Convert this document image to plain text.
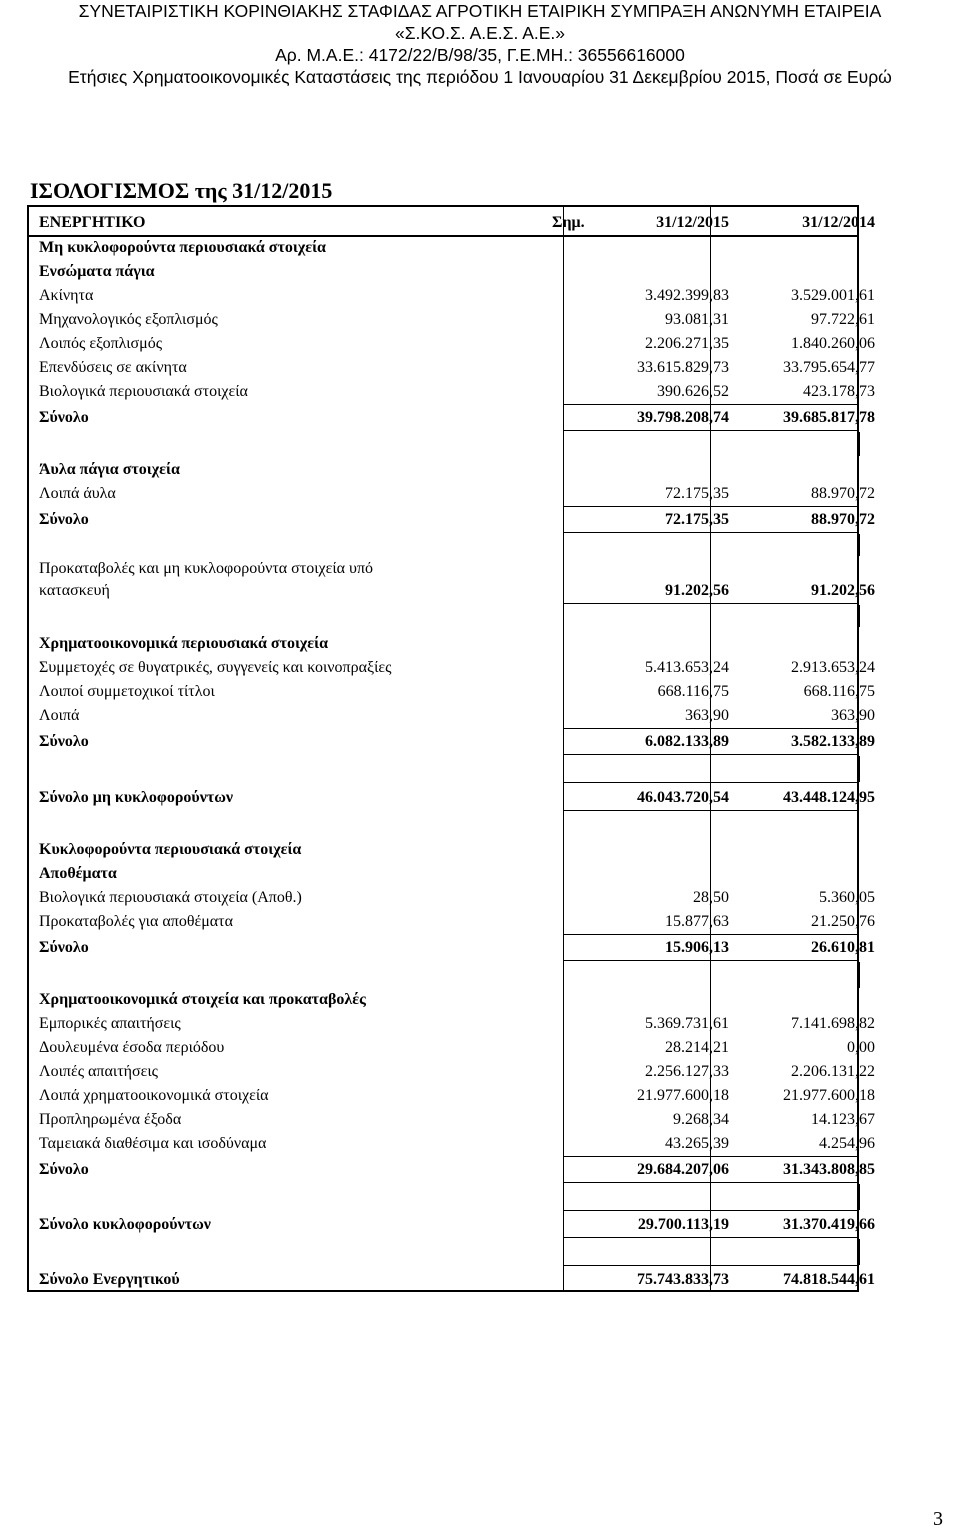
ΣΥΝΕΤΑΙΡΙΣΤΙΚΗ ΚΟΡΙΝΘΙΑΚΗΣ ΣΤΑΦΙΔΑΣ ΑΓΡΟΤΙΚΗ ΕΤΑΙΡΙΚΗ ΣΥΜΠΡΑΞΗ ΑΝΩΝΥΜΗ ΕΤΑΙΡΕΙΑ
«Σ.ΚΟ.Σ. Α.Ε.Σ. Α.Ε.»
Αρ. Μ.Α.Ε.: 4172/22/Β/98/35, Γ.Ε.ΜΗ.: 36556616000
Ετήσιες Χρηματοοικονομικές Καταστάσεις της περιόδου 1 Ιανουαρίου 31 Δεκεμβρίου 2015, Ποσά σε Ευρώ
ΙΣΟΛΟΓΙΣΜΟΣ της 31/12/2015
ΕΝΕΡΓΗΤΙΚΟ	Σημ.	31/12/2015	31/12/2014
Μη κυκλοφορούντα περιουσιακά στοιχεία
Ενσώματα πάγια
Ακίνητα	3.492.399,83	3.529.001,61
Μηχανολογικός εξοπλισμός	93.081,31	97.722,61
Λοιπός εξοπλισμός	2.206.271,35	1.840.260,06
Επενδύσεις σε ακίνητα	33.615.829,73	33.795.654,77
Βιολογικά περιουσιακά στοιχεία	390.626,52	423.178,73
Σύνολο	39.798.208,74	39.685.817,78
Άυλα πάγια στοιχεία
Λοιπά άυλα	72.175,35	88.970,72
Σύνολο	72.175,35	88.970,72
Προκαταβολές και μη κυκλοφορούντα στοιχεία υπό
κατασκευή	91.202,56	91.202,56
Χρηματοοικονομικά περιουσιακά στοιχεία
Συμμετοχές σε θυγατρικές, συγγενείς και κοινοπραξίες	5.413.653,24	2.913.653,24
Λοιποί συμμετοχικοί τίτλοι	668.116,75	668.116,75
Λοιπά	363,90	363,90
Σύνολο	6.082.133,89	3.582.133,89
Σύνολο μη κυκλοφορούντων	46.043.720,54	43.448.124,95
Κυκλοφορούντα περιουσιακά στοιχεία
Αποθέματα
Βιολογικά περιουσιακά στοιχεία (Αποθ.)	28,50	5.360,05
Προκαταβολές για αποθέματα	15.877,63	21.250,76
Σύνολο	15.906,13	26.610,81
Χρηματοοικονομικά στοιχεία και προκαταβολές
Εμπορικές απαιτήσεις	5.369.731,61	7.141.698,82
Δουλευμένα έσοδα περιόδου	28.214,21	0,00
Λοιπές απαιτήσεις	2.256.127,33	2.206.131,22
Λοιπά χρηματοοικονομικά στοιχεία	21.977.600,18	21.977.600,18
Προπληρωμένα έξοδα	9.268,34	14.123,67
Ταμειακά διαθέσιμα και ισοδύναμα	43.265,39	4.254,96
Σύνολο	29.684.207,06	31.343.808,85
Σύνολο κυκλοφορούντων	29.700.113,19	31.370.419,66
Σύνολο Ενεργητικού	75.743.833,73	74.818.544,61
3
